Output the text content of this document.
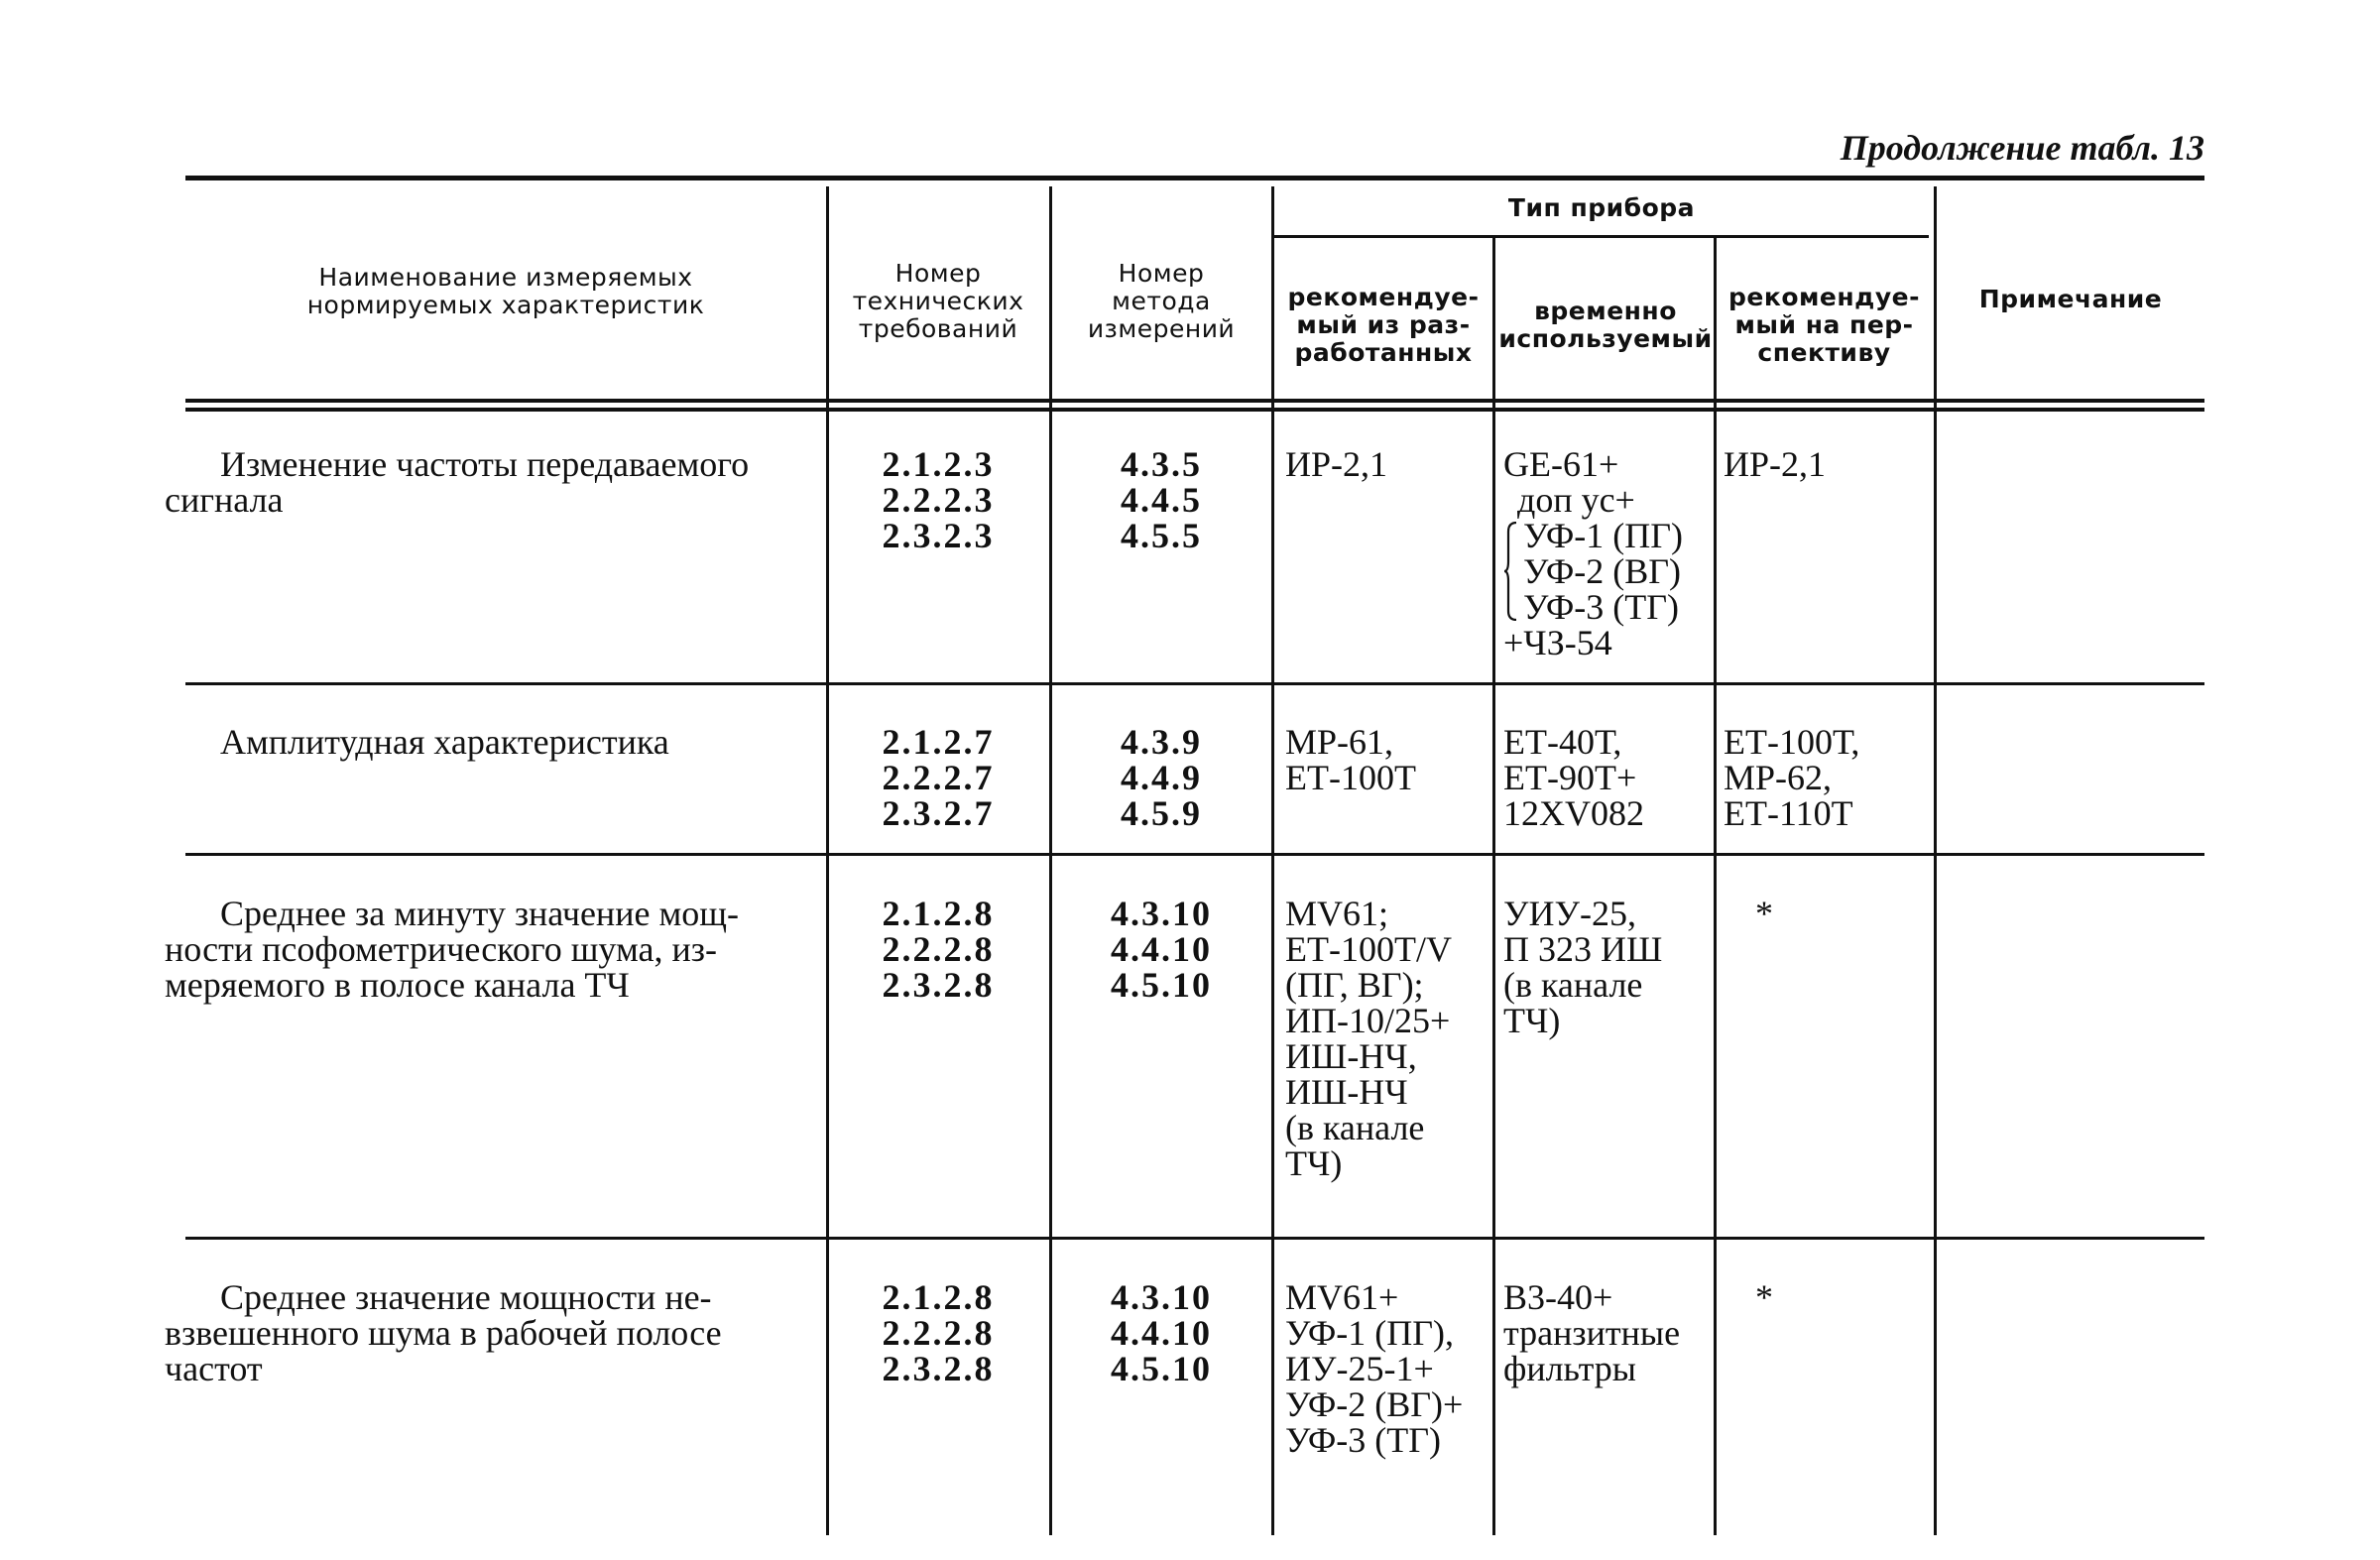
Продолжение табл. 13
Наименование измеряемых
нормируемых характеристик
Номер
технических
требований
Номер
метода
измерений
Тип прибора
рекомендуе-
мый из раз-
работанных
временно
используемый
рекомендуе-
мый на пер-
спективу
Примечание
Изменение частоты передаваемого
сигнала
2.1.2.3
2.2.2.3
2.3.2.3
4.3.5
4.4.5
4.5.5
ИР-2,1	GE-61+
доп ус+
УФ-1 (ПГ)
УФ-2 (ВГ)
УФ-3 (ТГ)
+ЧЗ-54
ИР-2,1
Амплитудная характеристика	2.1.2.7
2.2.2.7
2.3.2.7
4.3.9
4.4.9
4.5.9
МР-61,
ЕТ-100Т
ЕТ-40Т,
ЕТ-90Т+
12XV082
ЕТ-100Т,
МР-62,
ЕТ-110Т
Среднее за минуту значение мощ-
ности псофометрического шума, из-
меряемого в полосе канала ТЧ
2.1.2.8
2.2.2.8
2.3.2.8
4.3.10
4.4.10
4.5.10
MV61;
ЕТ-100Т/V
(ПГ, ВГ);
ИП-10/25+
ИШ-НЧ,
ИШ-НЧ
(в канале
ТЧ)
УИУ-25,
П 323 ИШ
(в канале
ТЧ)
*
Среднее значение мощности не-
взвешенного шума в рабочей полосе
частот
2.1.2.8
2.2.2.8
2.3.2.8
4.3.10
4.4.10
4.5.10
MV61+
УФ-1 (ПГ),
ИУ-25-1+
УФ-2 (ВГ)+
УФ-3 (ТГ)
В3-40+
транзитные
фильтры
*
